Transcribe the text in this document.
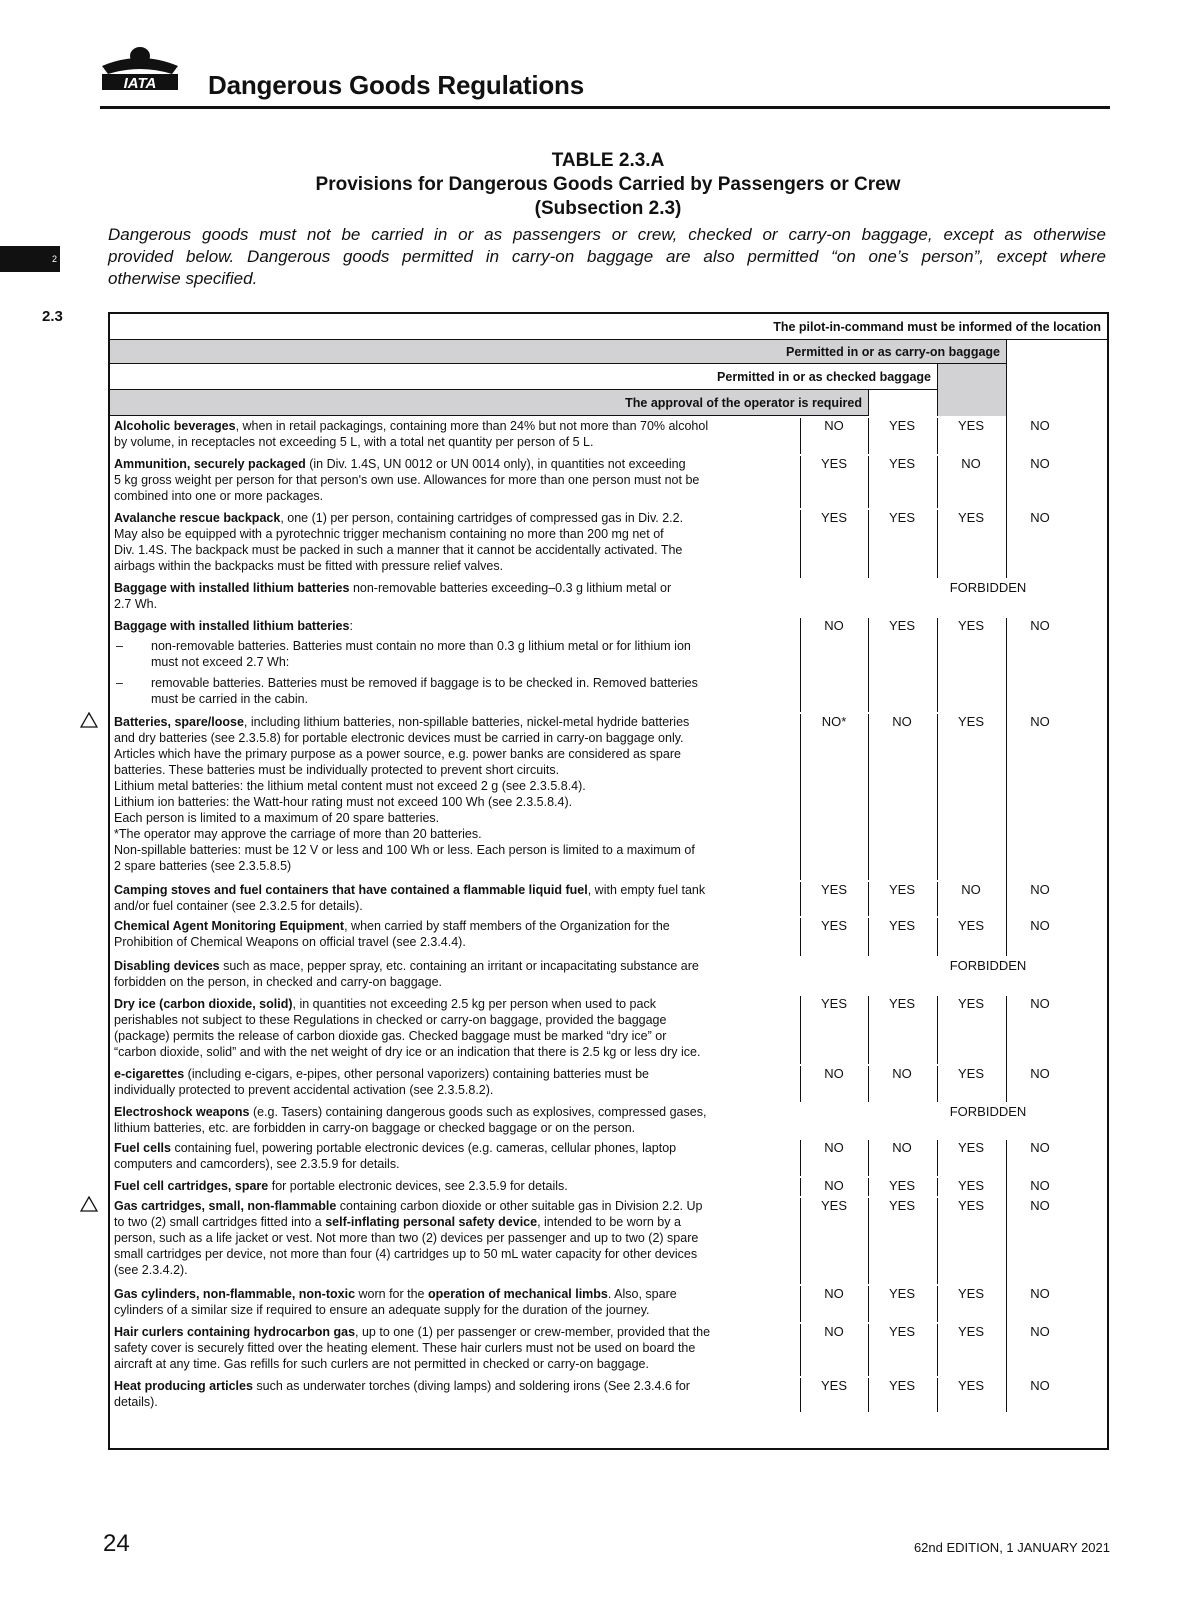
IATA Dangerous Goods Regulations
2
2.3
TABLE 2.3.A
Provisions for Dangerous Goods Carried by Passengers or Crew
(Subsection 2.3)
Dangerous goods must not be carried in or as passengers or crew, checked or carry-on baggage, except as otherwise
provided below. Dangerous goods permitted in carry-on baggage are also permitted “on one’s person”, except where
otherwise specified.
The pilot-in-command must be informed of the location
Permitted in or as carry-on baggage
Permitted in or as checked baggage
The approval of the operator is required
Alcoholic beverages, when in retail packagings, containing more than 24% but not more than 70% alcohol
by volume, in receptacles not exceeding 5 L, with a total net quantity per person of 5 L.
NO	YES	YES	NO
Ammunition, securely packaged (in Div. 1.4S, UN 0012 or UN 0014 only), in quantities not exceeding
5 kg gross weight per person for that person's own use. Allowances for more than one person must not be
combined into one or more packages.
YES	YES	NO	NO
Avalanche rescue backpack, one (1) per person, containing cartridges of compressed gas in Div. 2.2.
May also be equipped with a pyrotechnic trigger mechanism containing no more than 200 mg net of
Div. 1.4S. The backpack must be packed in such a manner that it cannot be accidentally activated. The
airbags within the backpacks must be fitted with pressure relief valves.
YES	YES	YES	NO
Baggage with installed lithium batteries non-removable batteries exceeding–0.3 g lithium metal or
2.7 Wh.
FORBIDDEN
Baggage with installed lithium batteries:
– non-removable batteries. Batteries must contain no more than 0.3 g lithium metal or for lithium ion
must not exceed 2.7 Wh:
– removable batteries. Batteries must be removed if baggage is to be checked in. Removed batteries
must be carried in the cabin.
NO	YES	YES	NO
Batteries, spare/loose, including lithium batteries, non-spillable batteries, nickel-metal hydride batteries
and dry batteries (see 2.3.5.8) for portable electronic devices must be carried in carry-on baggage only.
Articles which have the primary purpose as a power source, e.g. power banks are considered as spare
batteries. These batteries must be individually protected to prevent short circuits.
Lithium metal batteries: the lithium metal content must not exceed 2 g (see 2.3.5.8.4).
Lithium ion batteries: the Watt-hour rating must not exceed 100 Wh (see 2.3.5.8.4).
Each person is limited to a maximum of 20 spare batteries.
*The operator may approve the carriage of more than 20 batteries.
Non-spillable batteries: must be 12 V or less and 100 Wh or less. Each person is limited to a maximum of
2 spare batteries (see 2.3.5.8.5)
NO*	NO	YES	NO
Camping stoves and fuel containers that have contained a flammable liquid fuel, with empty fuel tank
and/or fuel container (see 2.3.2.5 for details).
YES	YES	NO	NO
Chemical Agent Monitoring Equipment, when carried by staff members of the Organization for the
Prohibition of Chemical Weapons on official travel (see 2.3.4.4).
YES	YES	YES	NO
Disabling devices such as mace, pepper spray, etc. containing an irritant or incapacitating substance are
forbidden on the person, in checked and carry-on baggage.
FORBIDDEN
Dry ice (carbon dioxide, solid), in quantities not exceeding 2.5 kg per person when used to pack
perishables not subject to these Regulations in checked or carry-on baggage, provided the baggage
(package) permits the release of carbon dioxide gas. Checked baggage must be marked “dry ice” or
“carbon dioxide, solid” and with the net weight of dry ice or an indication that there is 2.5 kg or less dry ice.
YES	YES	YES	NO
e-cigarettes (including e-cigars, e-pipes, other personal vaporizers) containing batteries must be
individually protected to prevent accidental activation (see 2.3.5.8.2).
NO	NO	YES	NO
Electroshock weapons (e.g. Tasers) containing dangerous goods such as explosives, compressed gases,
lithium batteries, etc. are forbidden in carry-on baggage or checked baggage or on the person.
FORBIDDEN
Fuel cells containing fuel, powering portable electronic devices (e.g. cameras, cellular phones, laptop
computers and camcorders), see 2.3.5.9 for details.
NO	NO	YES	NO
Fuel cell cartridges, spare for portable electronic devices, see 2.3.5.9 for details.	NO	YES	YES	NO
Gas cartridges, small, non-flammable containing carbon dioxide or other suitable gas in Division 2.2. Up
to two (2) small cartridges fitted into a self-inflating personal safety device, intended to be worn by a
person, such as a life jacket or vest. Not more than two (2) devices per passenger and up to two (2) spare
small cartridges per device, not more than four (4) cartridges up to 50 mL water capacity for other devices
(see 2.3.4.2).
YES	YES	YES	NO
Gas cylinders, non-flammable, non-toxic worn for the operation of mechanical limbs. Also, spare
cylinders of a similar size if required to ensure an adequate supply for the duration of the journey.
NO	YES	YES	NO
Hair curlers containing hydrocarbon gas, up to one (1) per passenger or crew-member, provided that the
safety cover is securely fitted over the heating element. These hair curlers must not be used on board the
aircraft at any time. Gas refills for such curlers are not permitted in checked or carry-on baggage.
NO	YES	YES	NO
Heat producing articles such as underwater torches (diving lamps) and soldering irons (See 2.3.4.6 for
details).
YES	YES	YES	NO
24	62nd EDITION, 1 JANUARY 2021
